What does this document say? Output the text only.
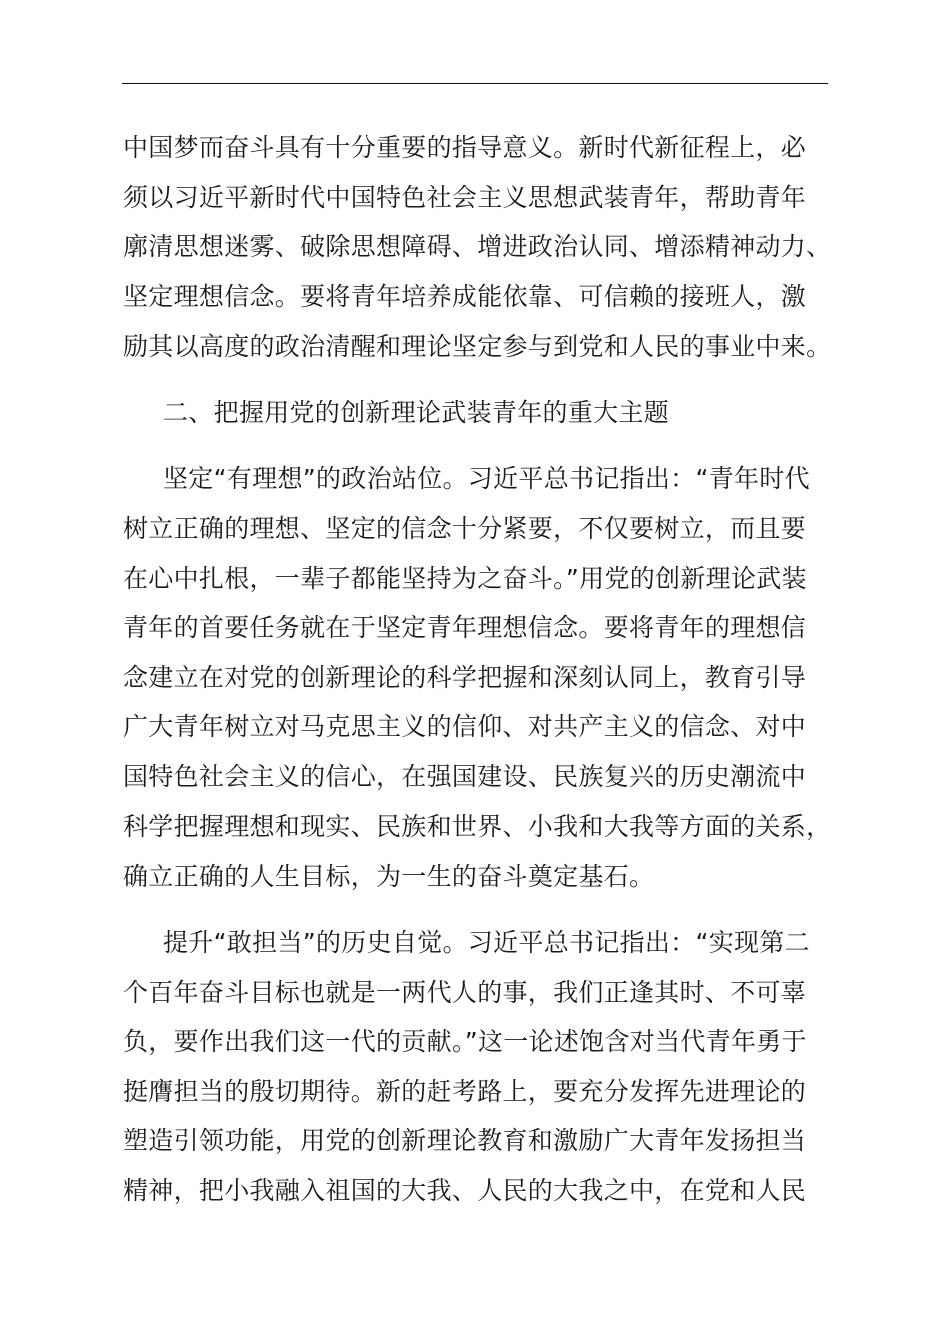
中国梦而奋斗具有十分重要的指导意义。新时代新征程上，必

须以习近平新时代中国特色社会主义思想武装青年，帮助青年

廓清思想迷雾、破除思想障碍、增进政治认同、增添精神动力、

坚定理想信念。要将青年培养成能依靠、可信赖的接班人，激

励其以高度的政治清醒和理论坚定参与到党和人民的事业中来。

二、把握用党的创新理论武装青年的重大主题

坚定“有理想”的政治站位。习近平总书记指出：“青年时代

树立正确的理想、坚定的信念十分紧要，不仅要树立，而且要

在心中扎根，一辈子都能坚持为之奋斗。”用党的创新理论武装

青年的首要任务就在于坚定青年理想信念。要将青年的理想信

念建立在对党的创新理论的科学把握和深刻认同上，教育引导

广大青年树立对马克思主义的信仰、对共产主义的信念、对中

国特色社会主义的信心，在强国建设、民族复兴的历史潮流中

科学把握理想和现实、民族和世界、小我和大我等方面的关系，

确立正确的人生目标，为一生的奋斗奠定基石。

提升“敢担当”的历史自觉。习近平总书记指出：“实现第二

个百年奋斗目标也就是一两代人的事，我们正逢其时、不可辜

负，要作出我们这一代的贡献。”这一论述饱含对当代青年勇于

挺膺担当的殷切期待。新的赶考路上，要充分发挥先进理论的

塑造引领功能，用党的创新理论教育和激励广大青年发扬担当

精神，把小我融入祖国的大我、人民的大我之中，在党和人民
